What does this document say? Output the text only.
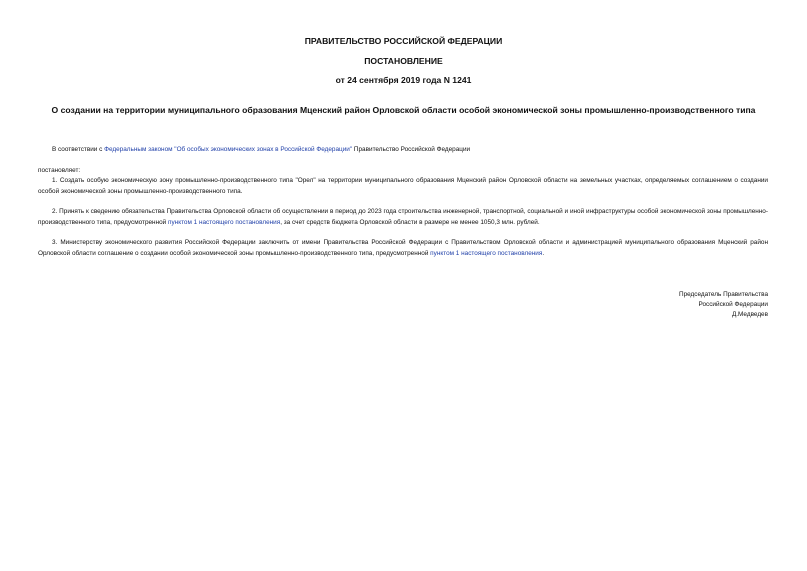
ПРАВИТЕЛЬСТВО РОССИЙСКОЙ ФЕДЕРАЦИИ
ПОСТАНОВЛЕНИЕ
от 24 сентября 2019 года N 1241
О создании на территории муниципального образования Мценский район Орловской области особой экономической зоны промышленно-производственного типа
В соответствии с Федеральным законом "Об особых экономических зонах в Российской Федерации" Правительство Российской Федерации
постановляет:
1. Создать особую экономическую зону промышленно-производственного типа "Орел" на территории муниципального образования Мценский район Орловской области на земельных участках, определяемых соглашением о создании особой экономической зоны промышленно-производственного типа.
2. Принять к сведению обязательства Правительства Орловской области об осуществлении в период до 2023 года строительства инженерной, транспортной, социальной и иной инфраструктуры особой экономической зоны промышленно-производственного типа, предусмотренной пунктом 1 настоящего постановления, за счет средств бюджета Орловской области в размере не менее 1050,3 млн. рублей.
3. Министерству экономического развития Российской Федерации заключить от имени Правительства Российской Федерации с Правительством Орловской области и администрацией муниципального образования Мценский район Орловской области соглашение о создании особой экономической зоны промышленно-производственного типа, предусмотренной пунктом 1 настоящего постановления.
Председатель Правительства
Российской Федерации
Д.Медведев
